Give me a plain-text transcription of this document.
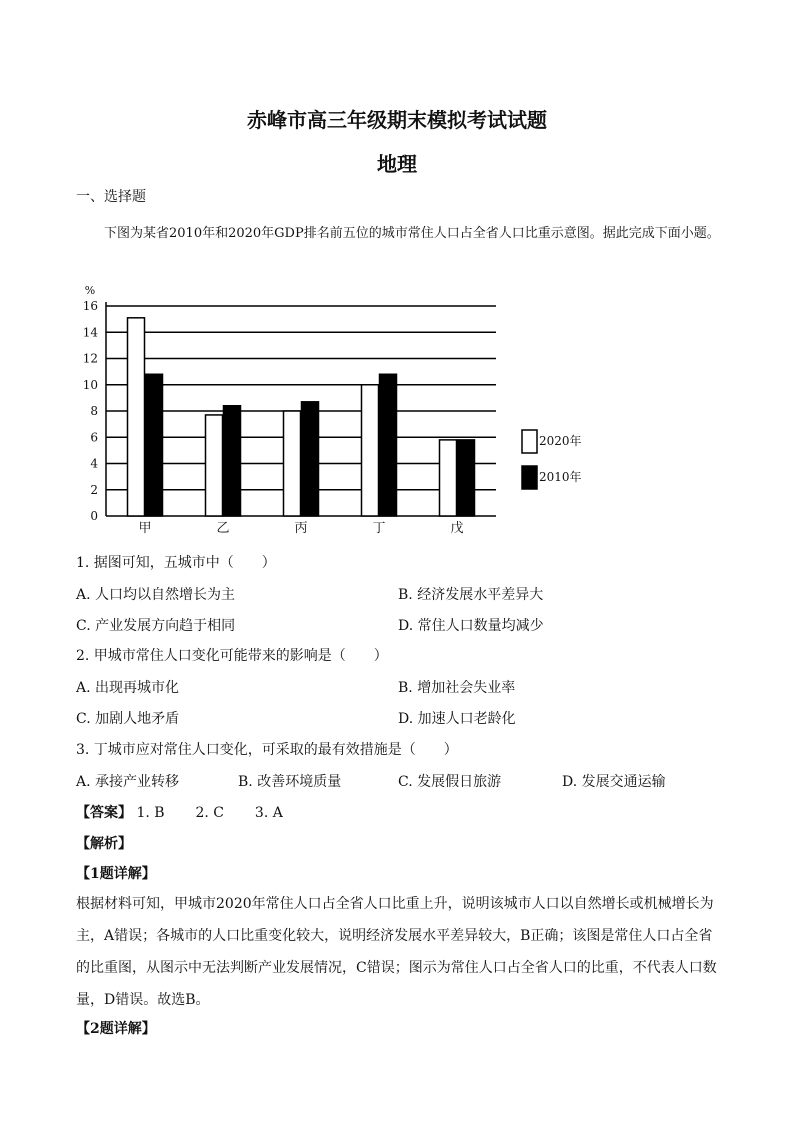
赤峰市高三年级期末模拟考试试题
地理
一、选择题
下图为某省2010年和2020年GDP排名前五位的城市常住人口占全省人口比重示意图。据此完成下面小题。
0
2
4
6
8
10
12
14
16
%
甲	乙	丙	丁	戊
2020年
2010年
1. 据图可知，五城市中（　　）
A. 人口均以自然增长为主	B. 经济发展水平差异大
C. 产业发展方向趋于相同	D. 常住人口数量均减少
2. 甲城市常住人口变化可能带来的影响是（　　）
A. 出现再城市化	B. 增加社会失业率
C. 加剧人地矛盾	D. 加速人口老龄化
3. 丁城市应对常住人口变化，可采取的最有效措施是（　　）
A. 承接产业转移	B. 改善环境质量	C. 发展假日旅游	D. 发展交通运输
【答案】 1. B 2. C 3. A
【解析】
【1题详解】
根据材料可知，甲城市2020年常住人口占全省人口比重上升，说明该城市人口以自然增长或机械增长为主，A错误；各城市的人口比重变化较大，说明经济发展水平差异较大，B正确；该图是常住人口占全省的比重图，从图示中无法判断产业发展情况，C错误；图示为常住人口占全省人口的比重，不代表人口数量，D错误。故选B。
【2题详解】
